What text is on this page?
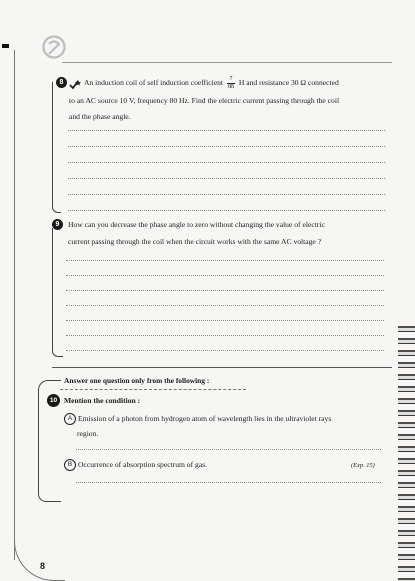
8	An induction coil of self induction coefficient $\frac{7}{88}$ H and resistance 30 Ω connected
to an AC source 10 V, frequency 80 Hz. Find the electric current passing through the coil
and the phase angle.
9	How can you decrease the phase angle to zero without changing the value of electric
current passing through the coil when the circuit works with the same AC voltage ?
Answer one question only from the following :
10 Mention the condition :
A Emission of a photon from hydrogen atom of wavelength lies in the ultraviolet rays
region.
B Occurrence of absorption spectrum of gas.	(Exp. 15)
8
